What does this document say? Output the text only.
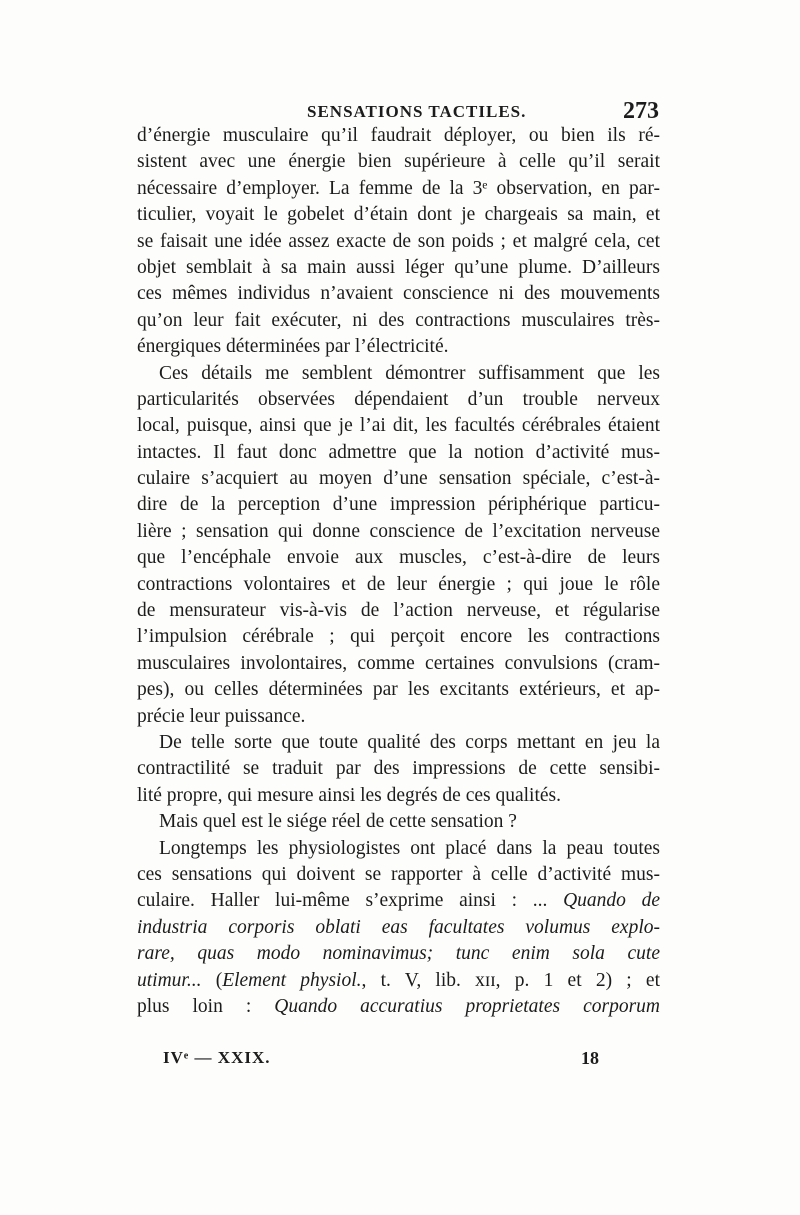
SENSATIONS TACTILES.	273
d’énergie musculaire qu’il faudrait déployer, ou bien ils ré-
sistent avec une énergie bien supérieure à celle qu’il serait
nécessaire d’employer. La femme de la 3ᵉ observation, en par-
ticulier, voyait le gobelet d’étain dont je chargeais sa main, et
se faisait une idée assez exacte de son poids ; et malgré cela, cet
objet semblait à sa main aussi léger qu’une plume. D’ailleurs
ces mêmes individus n’avaient conscience ni des mouvements
qu’on leur fait exécuter, ni des contractions musculaires très-
énergiques déterminées par l’électricité.
Ces détails me semblent démontrer suffisamment que les
particularités observées dépendaient d’un trouble nerveux
local, puisque, ainsi que je l’ai dit, les facultés cérébrales étaient
intactes. Il faut donc admettre que la notion d’activité mus-
culaire s’acquiert au moyen d’une sensation spéciale, c’est-à-
dire de la perception d’une impression périphérique particu-
lière ; sensation qui donne conscience de l’excitation nerveuse
que l’encéphale envoie aux muscles, c’est-à-dire de leurs
contractions volontaires et de leur énergie ; qui joue le rôle
de mensurateur vis-à-vis de l’action nerveuse, et régularise
l’impulsion cérébrale ; qui perçoit encore les contractions
musculaires involontaires, comme certaines convulsions (cram-
pes), ou celles déterminées par les excitants extérieurs, et ap-
précie leur puissance.
De telle sorte que toute qualité des corps mettant en jeu la
contractilité se traduit par des impressions de cette sensibi-
lité propre, qui mesure ainsi les degrés de ces qualités.
Mais quel est le siége réel de cette sensation ?
Longtemps les physiologistes ont placé dans la peau toutes
ces sensations qui doivent se rapporter à celle d’activité mus-
culaire. Haller lui-même s’exprime ainsi : ... Quando de
industria corporis oblati eas facultates volumus explo-
rare, quas modo nominavimus; tunc enim sola cute
utimur... (Element physiol., t. V, lib. xɪɪ, p. 1 et 2) ; et
plus loin : Quando accuratius proprietates corporum
IVᵉ — XXIX.	18
